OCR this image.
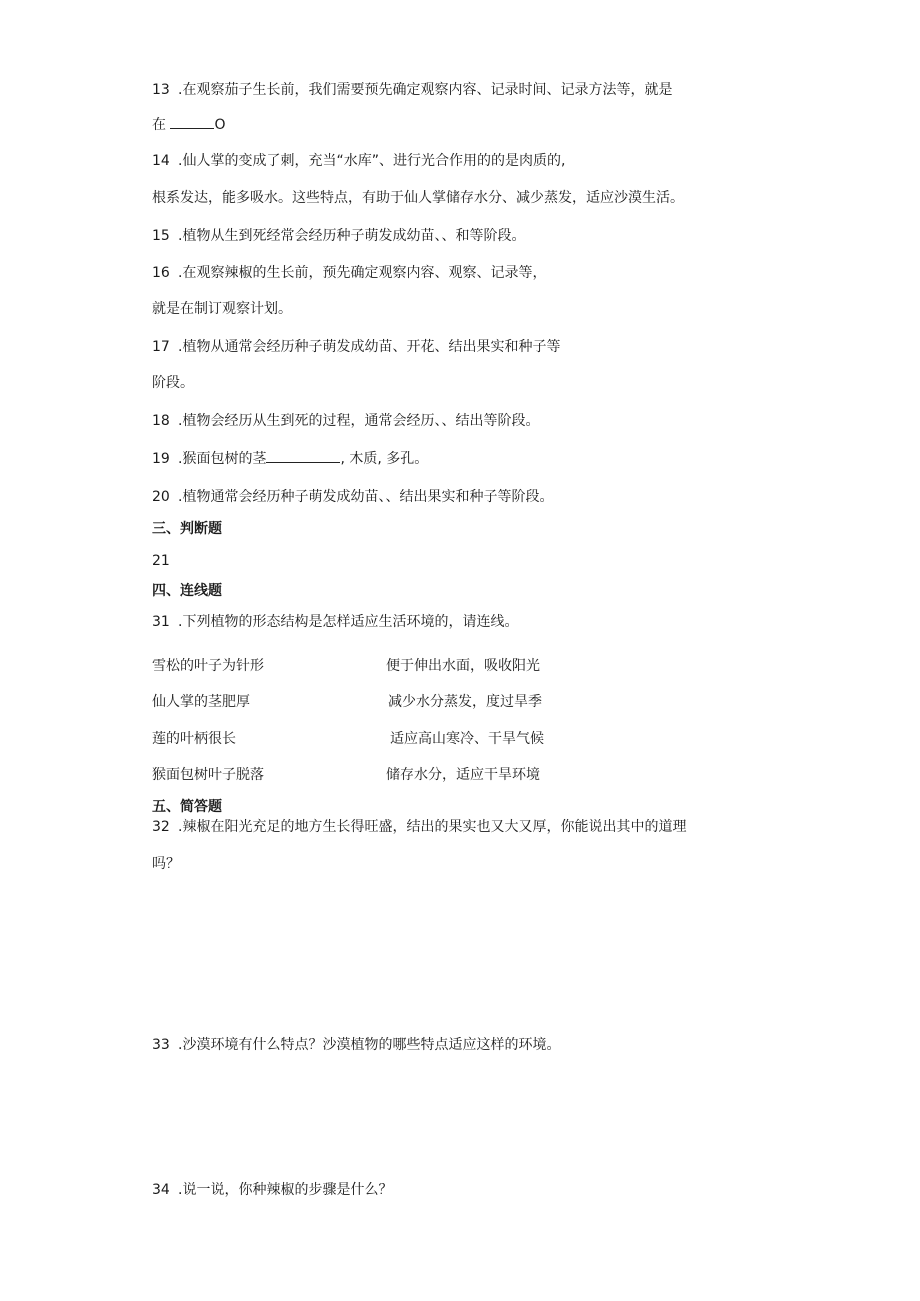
13 .在观察茄子生长前，我们需要预先确定观察内容、记录时间、记录方法等，就是
在	O
14 .仙人掌的变成了刺，充当“水库”、进行光合作用的的是肉质的,
根系发达，能多吸水。这些特点，有助于仙人掌储存水分、减少蒸发，适应沙漠生活。
15 .植物从生到死经常会经历种子萌发成幼苗、、和等阶段。
16 .在观察辣椒的生长前，预先确定观察内容、观察、记录等，
就是在制订观察计划。
17 .植物从通常会经历种子萌发成幼苗、开花、结出果实和种子等
阶段。
18 .植物会经历从生到死的过程，通常会经历、、结出等阶段。
19 .猴面包树的茎	, 木质, 多孔。
20 .植物通常会经历种子萌发成幼苗、、结出果实和种子等阶段。
三、判断题
21
四、连线题
31 .下列植物的形态结构是怎样适应生活环境的，请连线。
雪松的叶子为针形	便于伸出水面，吸收阳光
仙人掌的茎肥厚	减少水分蒸发，度过旱季
莲的叶柄很长	适应高山寒冷、干旱气候
猴面包树叶子脱落	储存水分，适应干旱环境
五、简答题
32 .辣椒在阳光充足的地方生长得旺盛，结出的果实也又大又厚，你能说出其中的道理
吗？
33 .沙漠环境有什么特点？沙漠植物的哪些特点适应这样的环境。
34 .说一说，你种辣椒的步骤是什么？
